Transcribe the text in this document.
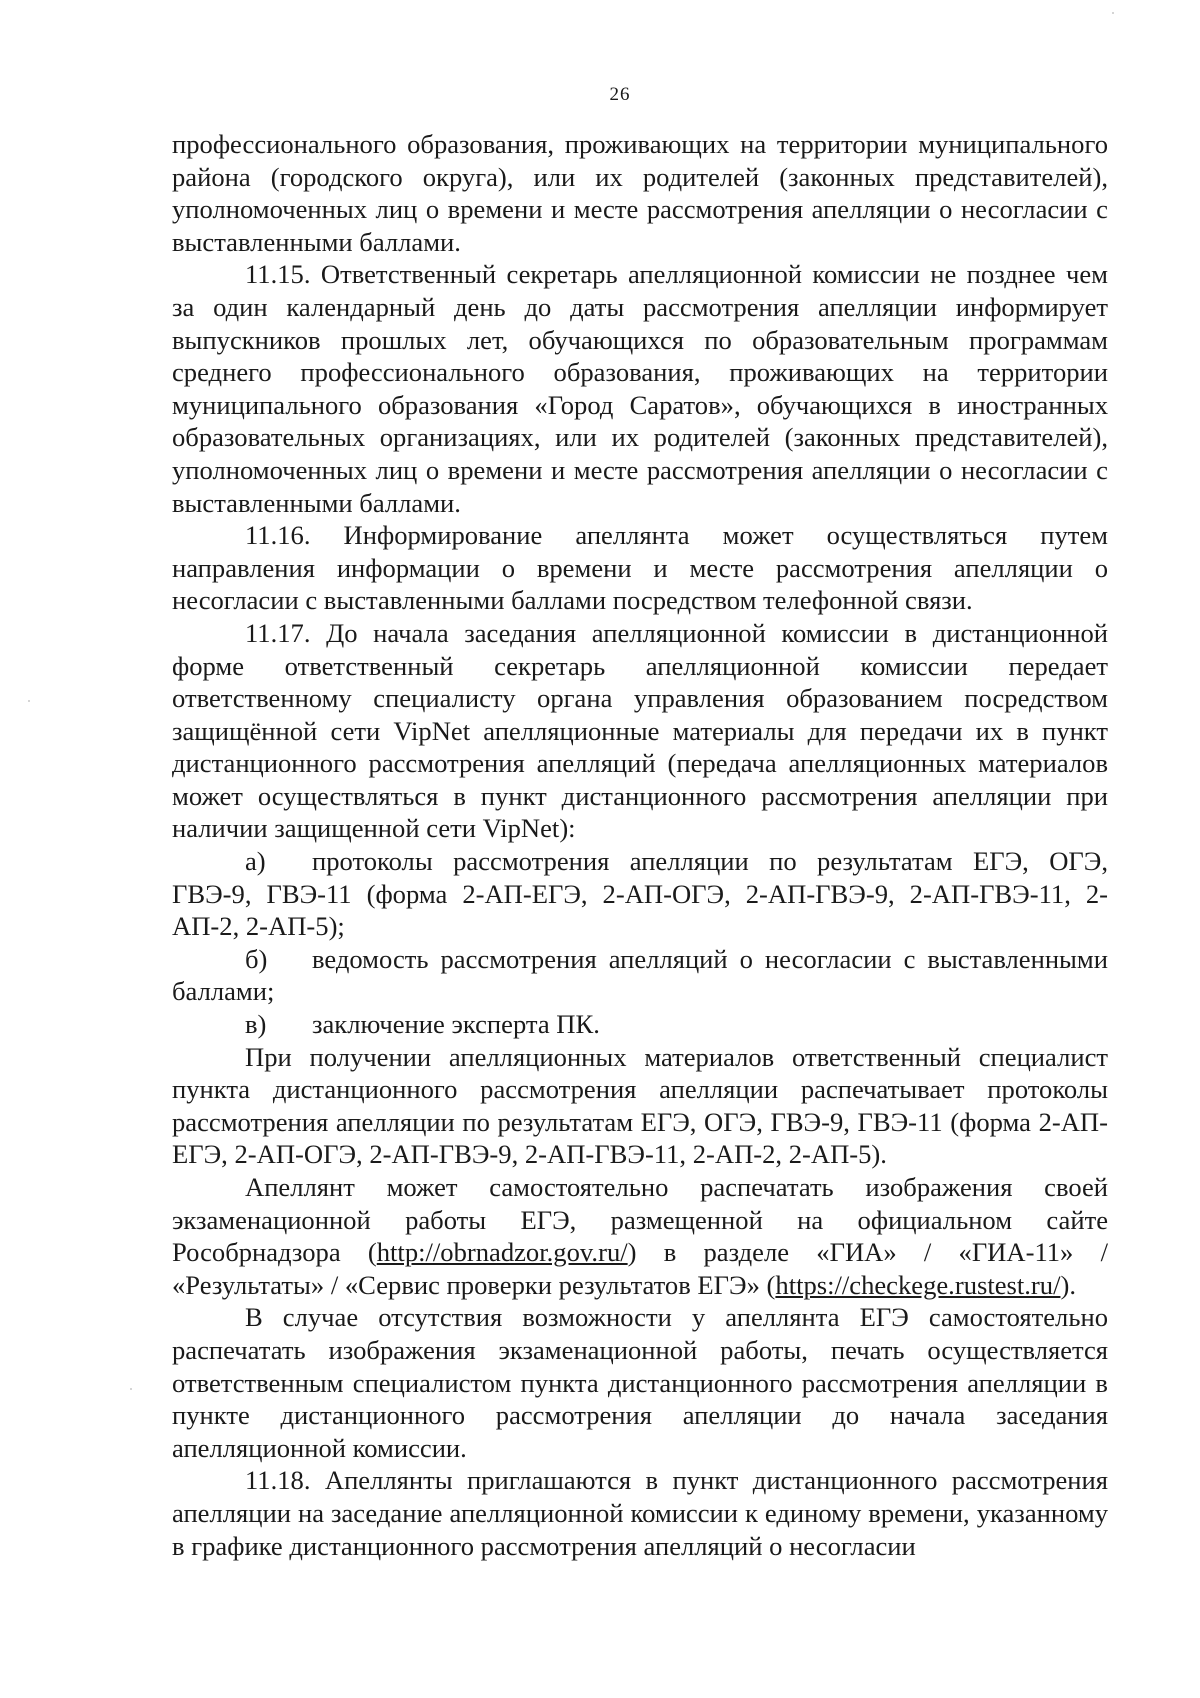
26

профессионального образования, проживающих на территории муниципального района (городского округа), или их родителей (законных представителей), уполномоченных лиц о времени и месте рассмотрения апелляции о несогласии с выставленными баллами.

11.15. Ответственный секретарь апелляционной комиссии не позднее чем за один календарный день до даты рассмотрения апелляции информирует выпускников прошлых лет, обучающихся по образовательным программам среднего профессионального образования, проживающих на территории муниципального образования «Город Саратов», обучающихся в иностранных образовательных организациях, или их родителей (законных представителей), уполномоченных лиц о времени и месте рассмотрения апелляции о несогласии с выставленными баллами.

11.16. Информирование апеллянта может осуществляться путем направления информации о времени и месте рассмотрения апелляции о несогласии с выставленными баллами посредством телефонной связи.

11.17. До начала заседания апелляционной комиссии в дистанционной форме ответственный секретарь апелляционной комиссии передает ответственному специалисту органа управления образованием посредством защищённой сети VipNet апелляционные материалы для передачи их в пункт дистанционного рассмотрения апелляций (передача апелляционных материалов может осуществляться в пункт дистанционного рассмотрения апелляции при наличии защищенной сети VipNet):

а) протоколы рассмотрения апелляции по результатам ЕГЭ, ОГЭ, ГВЭ-9, ГВЭ-11 (форма 2-АП-ЕГЭ, 2-АП-ОГЭ, 2-АП-ГВЭ-9, 2-АП-ГВЭ-11, 2-АП-2, 2-АП-5);

б) ведомость рассмотрения апелляций о несогласии с выставленными баллами;

в) заключение эксперта ПК.

При получении апелляционных материалов ответственный специалист пункта дистанционного рассмотрения апелляции распечатывает протоколы рассмотрения апелляции по результатам ЕГЭ, ОГЭ, ГВЭ-9, ГВЭ-11 (форма 2-АП-ЕГЭ, 2-АП-ОГЭ, 2-АП-ГВЭ-9, 2-АП-ГВЭ-11, 2-АП-2, 2-АП-5).

Апеллянт может самостоятельно распечатать изображения своей экзаменационной работы ЕГЭ, размещенной на официальном сайте Рособрнадзора (http://obrnadzor.gov.ru/) в разделе «ГИА» / «ГИА-11» / «Результаты» / «Сервис проверки результатов ЕГЭ» (https://checkege.rustest.ru/).

В случае отсутствия возможности у апеллянта ЕГЭ самостоятельно распечатать изображения экзаменационной работы, печать осуществляется ответственным специалистом пункта дистанционного рассмотрения апелляции в пункте дистанционного рассмотрения апелляции до начала заседания апелляционной комиссии.

11.18. Апеллянты приглашаются в пункт дистанционного рассмотрения апелляции на заседание апелляционной комиссии к единому времени, указанному в графике дистанционного рассмотрения апелляций о несогласии
